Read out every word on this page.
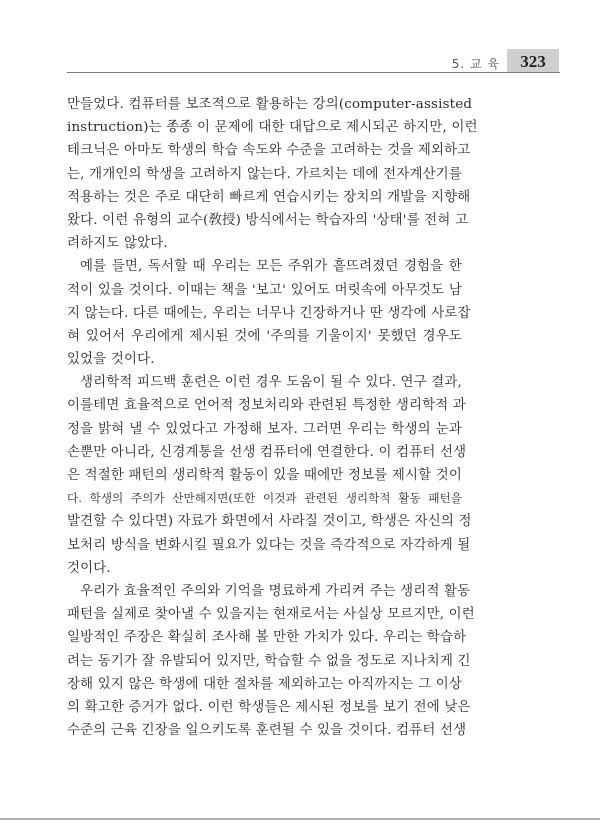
5. 교 육	323
만들었다. 컴퓨터를 보조적으로 활용하는 강의(computer-assisted
instruction)는 종종 이 문제에 대한 대답으로 제시되곤 하지만, 이런
테크닉은 아마도 학생의 학습 속도와 수준을 고려하는 것을 제외하고
는, 개개인의 학생을 고려하지 않는다. 가르치는 데에 전자계산기를
적용하는 것은 주로 대단히 빠르게 연습시키는 장치의 개발을 지향해
왔다. 이런 유형의 교수(敎授) 방식에서는 학습자의 '상태'를 전혀 고
려하지도 않았다.
예를 들면, 독서할 때 우리는 모든 주위가 흩뜨려졌던 경험을 한
적이 있을 것이다. 이때는 책을 '보고' 있어도 머릿속에 아무것도 남
지 않는다. 다른 때에는, 우리는 너무나 긴장하거나 딴 생각에 사로잡
혀 있어서 우리에게 제시된 것에 '주의를 기울이지' 못했던 경우도
있었을 것이다.
생리학적 피드백 훈련은 이런 경우 도움이 될 수 있다. 연구 결과,
이를테면 효율적으로 언어적 정보처리와 관련된 특정한 생리학적 과
정을 밝혀 낼 수 있었다고 가정해 보자. 그러면 우리는 학생의 눈과
손뿐만 아니라, 신경계통을 선생 컴퓨터에 연결한다. 이 컴퓨터 선생
은 적절한 패턴의 생리학적 활동이 있을 때에만 정보를 제시할 것이
다. 학생의 주의가 산만해지면(또한 이것과 관련된 생리학적 활동 패턴을
발견할 수 있다면) 자료가 화면에서 사라질 것이고, 학생은 자신의 정
보처리 방식을 변화시킬 필요가 있다는 것을 즉각적으로 자각하게 될
것이다.
우리가 효율적인 주의와 기억을 명료하게 가리켜 주는 생리적 활동
패턴을 실제로 찾아낼 수 있을지는 현재로서는 사실상 모르지만, 이런
일방적인 주장은 확실히 조사해 볼 만한 가치가 있다. 우리는 학습하
려는 동기가 잘 유발되어 있지만, 학습할 수 없을 정도로 지나치게 긴
장해 있지 않은 학생에 대한 절차를 제외하고는 아직까지는 그 이상
의 확고한 증거가 없다. 이런 학생들은 제시된 정보를 보기 전에 낮은
수준의 근육 긴장을 일으키도록 훈련될 수 있을 것이다. 컴퓨터 선생
